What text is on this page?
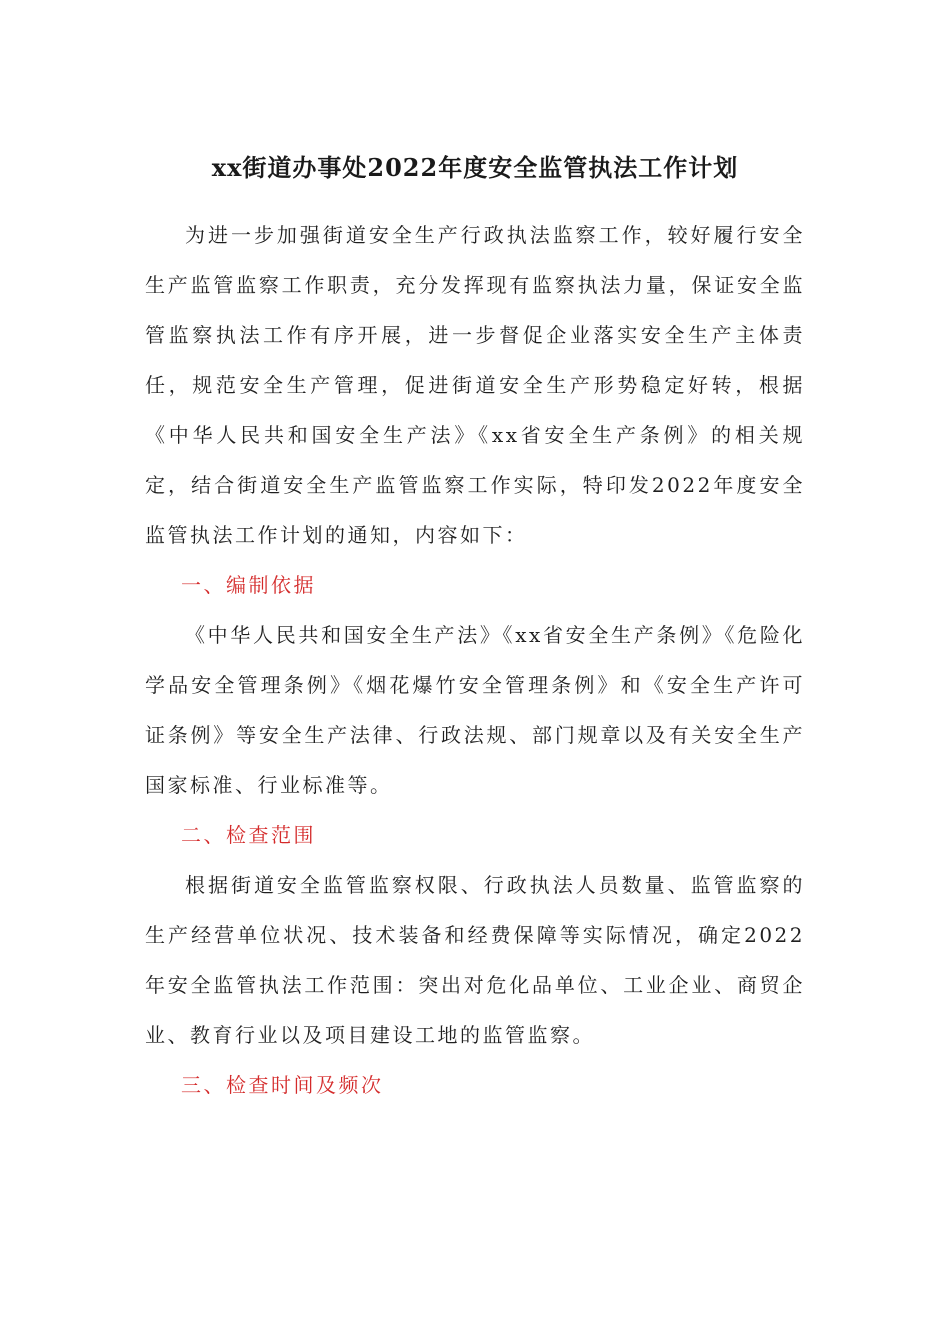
xx街道办事处2022年度安全监管执法工作计划

为进一步加强街道安全生产行政执法监察工作，较好履行安全生产监管监察工作职责，充分发挥现有监察执法力量，保证安全监管监察执法工作有序开展，进一步督促企业落实安全生产主体责任，规范安全生产管理，促进街道安全生产形势稳定好转，根据《中华人民共和国安全生产法》《xx省安全生产条例》的相关规定，结合街道安全生产监管监察工作实际，特印发2022年度安全监管执法工作计划的通知，内容如下：

一、编制依据

《中华人民共和国安全生产法》《xx省安全生产条例》《危险化学品安全管理条例》《烟花爆竹安全管理条例》和《安全生产许可证条例》等安全生产法律、行政法规、部门规章以及有关安全生产国家标准、行业标准等。

二、检查范围

根据街道安全监管监察权限、行政执法人员数量、监管监察的生产经营单位状况、技术装备和经费保障等实际情况，确定2022年安全监管执法工作范围：突出对危化品单位、工业企业、商贸企业、教育行业以及项目建设工地的监管监察。

三、检查时间及频次
